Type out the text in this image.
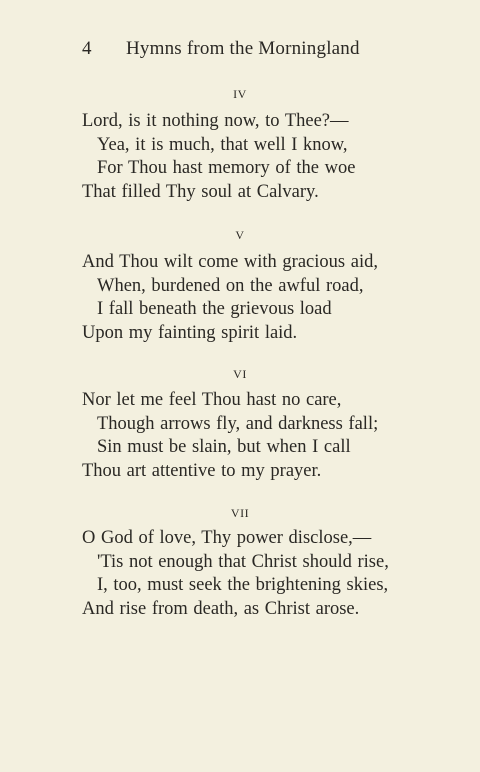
4 Hymns from the Morningland
IV
Lord, is it nothing now, to Thee?—
Yea, it is much, that well I know,
For Thou hast memory of the woe
That filled Thy soul at Calvary.
V
And Thou wilt come with gracious aid,
When, burdened on the awful road,
I fall beneath the grievous load
Upon my fainting spirit laid.
VI
Nor let me feel Thou hast no care,
Though arrows fly, and darkness fall;
Sin must be slain, but when I call
Thou art attentive to my prayer.
VII
O God of love, Thy power disclose,—
'Tis not enough that Christ should rise,
I, too, must seek the brightening skies,
And rise from death, as Christ arose.
